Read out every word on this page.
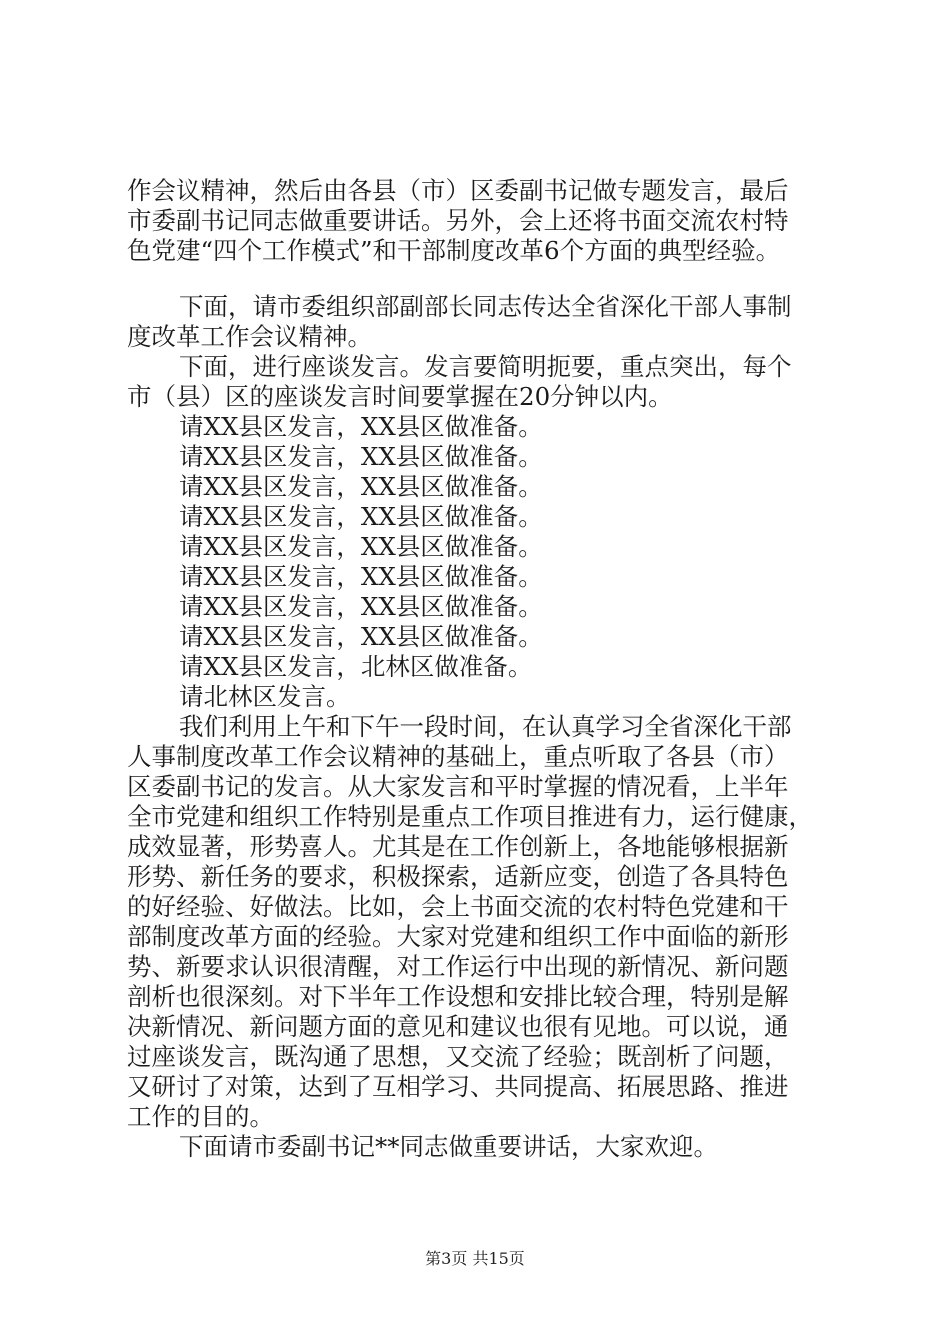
作会议精神，然后由各县（市）区委副书记做专题发言，最后
市委副书记同志做重要讲话。另外，会上还将书面交流农村特
色党建“四个工作模式”和干部制度改革6个方面的典型经验。
下面，请市委组织部副部长同志传达全省深化干部人事制
度改革工作会议精神。
下面，进行座谈发言。发言要简明扼要，重点突出，每个
市（县）区的座谈发言时间要掌握在20分钟以内。
请XX县区发言，XX县区做准备。
请XX县区发言，XX县区做准备。
请XX县区发言，XX县区做准备。
请XX县区发言，XX县区做准备。
请XX县区发言，XX县区做准备。
请XX县区发言，XX县区做准备。
请XX县区发言，XX县区做准备。
请XX县区发言，XX县区做准备。
请XX县区发言，北林区做准备。
请北林区发言。
我们利用上午和下午一段时间，在认真学习全省深化干部
人事制度改革工作会议精神的基础上，重点听取了各县（市）
区委副书记的发言。从大家发言和平时掌握的情况看，上半年
全市党建和组织工作特别是重点工作项目推进有力，运行健康，
成效显著，形势喜人。尤其是在工作创新上，各地能够根据新
形势、新任务的要求，积极探索，适新应变，创造了各具特色
的好经验、好做法。比如，会上书面交流的农村特色党建和干
部制度改革方面的经验。大家对党建和组织工作中面临的新形
势、新要求认识很清醒，对工作运行中出现的新情况、新问题
剖析也很深刻。对下半年工作设想和安排比较合理，特别是解
决新情况、新问题方面的意见和建议也很有见地。可以说，通
过座谈发言，既沟通了思想，又交流了经验；既剖析了问题，
又研讨了对策，达到了互相学习、共同提高、拓展思路、推进
工作的目的。
下面请市委副书记**同志做重要讲话，大家欢迎。
第3页 共15页
